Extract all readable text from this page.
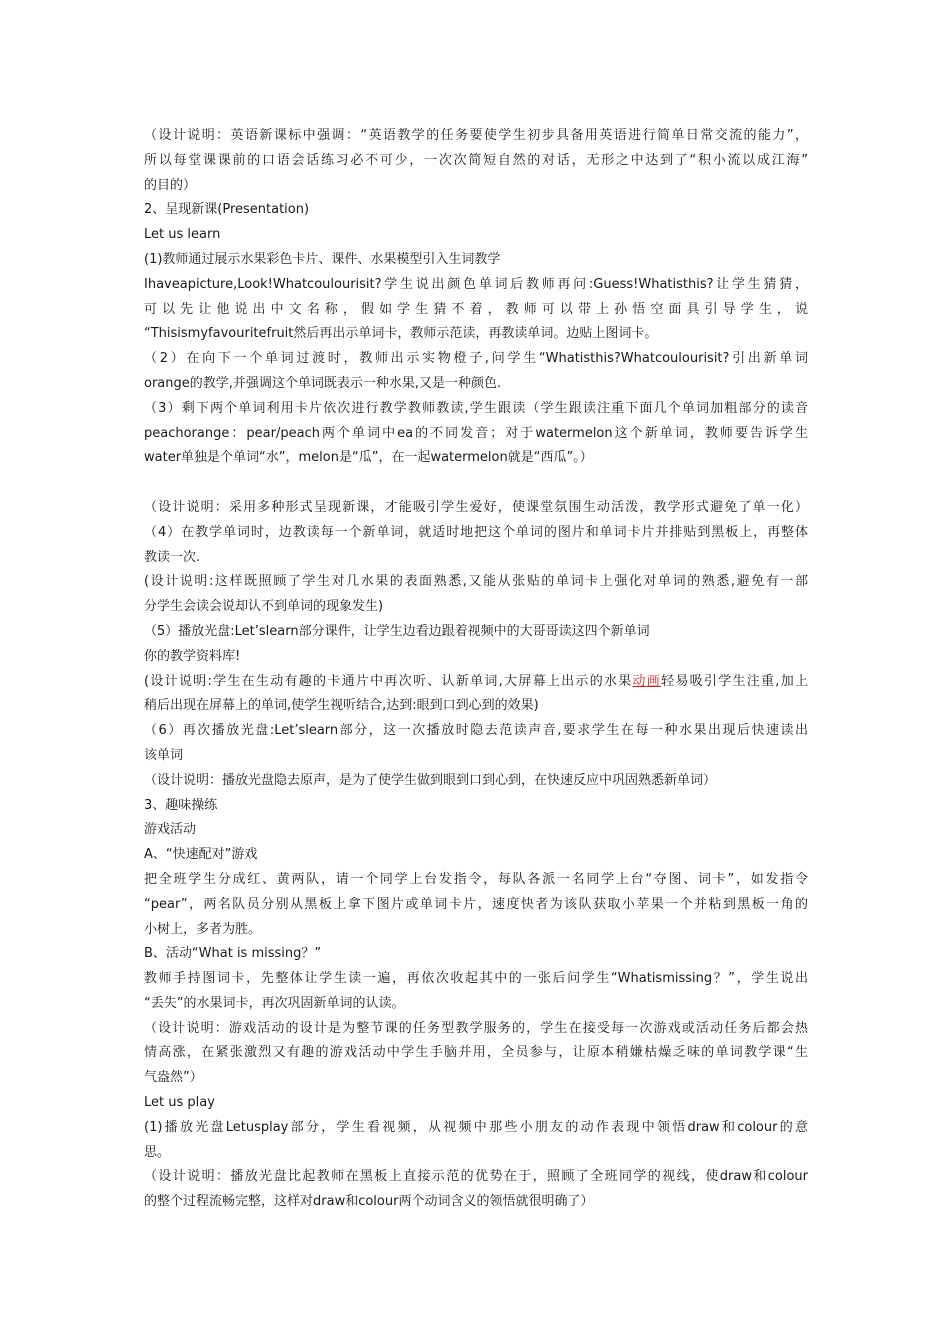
（设计说明：英语新课标中强调：“英语教学的任务要使学生初步具备用英语进行简单日常交流的能力”，
所以每堂课课前的口语会话练习必不可少，一次次简短自然的对话，无形之中达到了“积小流以成江海”
的目的）
2、呈现新课(Presentation)
Let us learn
(1)教师通过展示水果彩色卡片、课件、水果模型引入生词教学
Ihaveapicture,Look!Whatcoulourisit?学生说出颜色单词后教师再问:Guess!Whatisthis?让学生猜猜，
可以先让他说出中文名称，假如学生猜不着，教师可以带上孙悟空面具引导学生，说
“Thisismyfavouritefruit然后再出示单词卡，教师示范读，再教读单词。边贴上图词卡。
（2）在向下一个单词过渡时，教师出示实物橙子,问学生“Whatisthis?Whatcoulourisit?引出新单词
orange的教学,并强调这个单词既表示一种水果,又是一种颜色.
（3）剩下两个单词利用卡片依次进行教学教师教读,学生跟读（学生跟读注重下面几个单词加粗部分的读音
peachorange：pear/peach两个单词中ea的不同发音；对于watermelon这个新单词，教师要告诉学生
water单独是个单词“水”，melon是“瓜”，在一起watermelon就是“西瓜”。）
（设计说明：采用多种形式呈现新课，才能吸引学生爱好，使课堂氛围生动活泼，教学形式避免了单一化）
（4）在教学单词时，边教读每一个新单词，就适时地把这个单词的图片和单词卡片并排贴到黑板上，再整体
教读一次.
(设计说明:这样既照顾了学生对几水果的表面熟悉,又能从张贴的单词卡上强化对单词的熟悉,避免有一部
分学生会读会说却认不到单词的现象发生)
（5）播放光盘:Let’slearn部分课件，让学生边看边跟着视频中的大哥哥读这四个新单词
你的教学资料库!
(设计说明:学生在生动有趣的卡通片中再次听、认新单词,大屏幕上出示的水果动画轻易吸引学生注重,加上
稍后出现在屏幕上的单词,使学生视听结合,达到:眼到口到心到的效果)
（6）再次播放光盘:Let’slearn部分，这一次播放时隐去范读声音,要求学生在每一种水果出现后快速读出
该单词
（设计说明：播放光盘隐去原声，是为了使学生做到眼到口到心到，在快速反应中巩固熟悉新单词）
3、趣味操练
游戏活动
A、“快速配对”游戏
把全班学生分成红、黄两队，请一个同学上台发指令，每队各派一名同学上台“夺图、词卡”，如发指令
“pear”，两名队员分别从黑板上拿下图片或单词卡片，速度快者为该队获取小苹果一个并粘到黑板一角的
小树上，多者为胜。
B、活动“What is missing？”
教师手持图词卡，先整体让学生读一遍，再依次收起其中的一张后问学生“Whatismissing？”，学生说出
“丢失”的水果词卡，再次巩固新单词的认读。
（设计说明：游戏活动的设计是为整节课的任务型教学服务的，学生在接受每一次游戏或活动任务后都会热
情高涨，在紧张激烈又有趣的游戏活动中学生手脑并用，全员参与，让原本稍嫌枯燥乏味的单词教学课“生
气盎然”）
Let us play
(1)播放光盘Letusplay部分，学生看视频，从视频中那些小朋友的动作表现中领悟draw和colour的意
思。
（设计说明：播放光盘比起教师在黑板上直接示范的优势在于，照顾了全班同学的视线，使draw和colour
的整个过程流畅完整，这样对draw和colour两个动词含义的领悟就很明确了）
